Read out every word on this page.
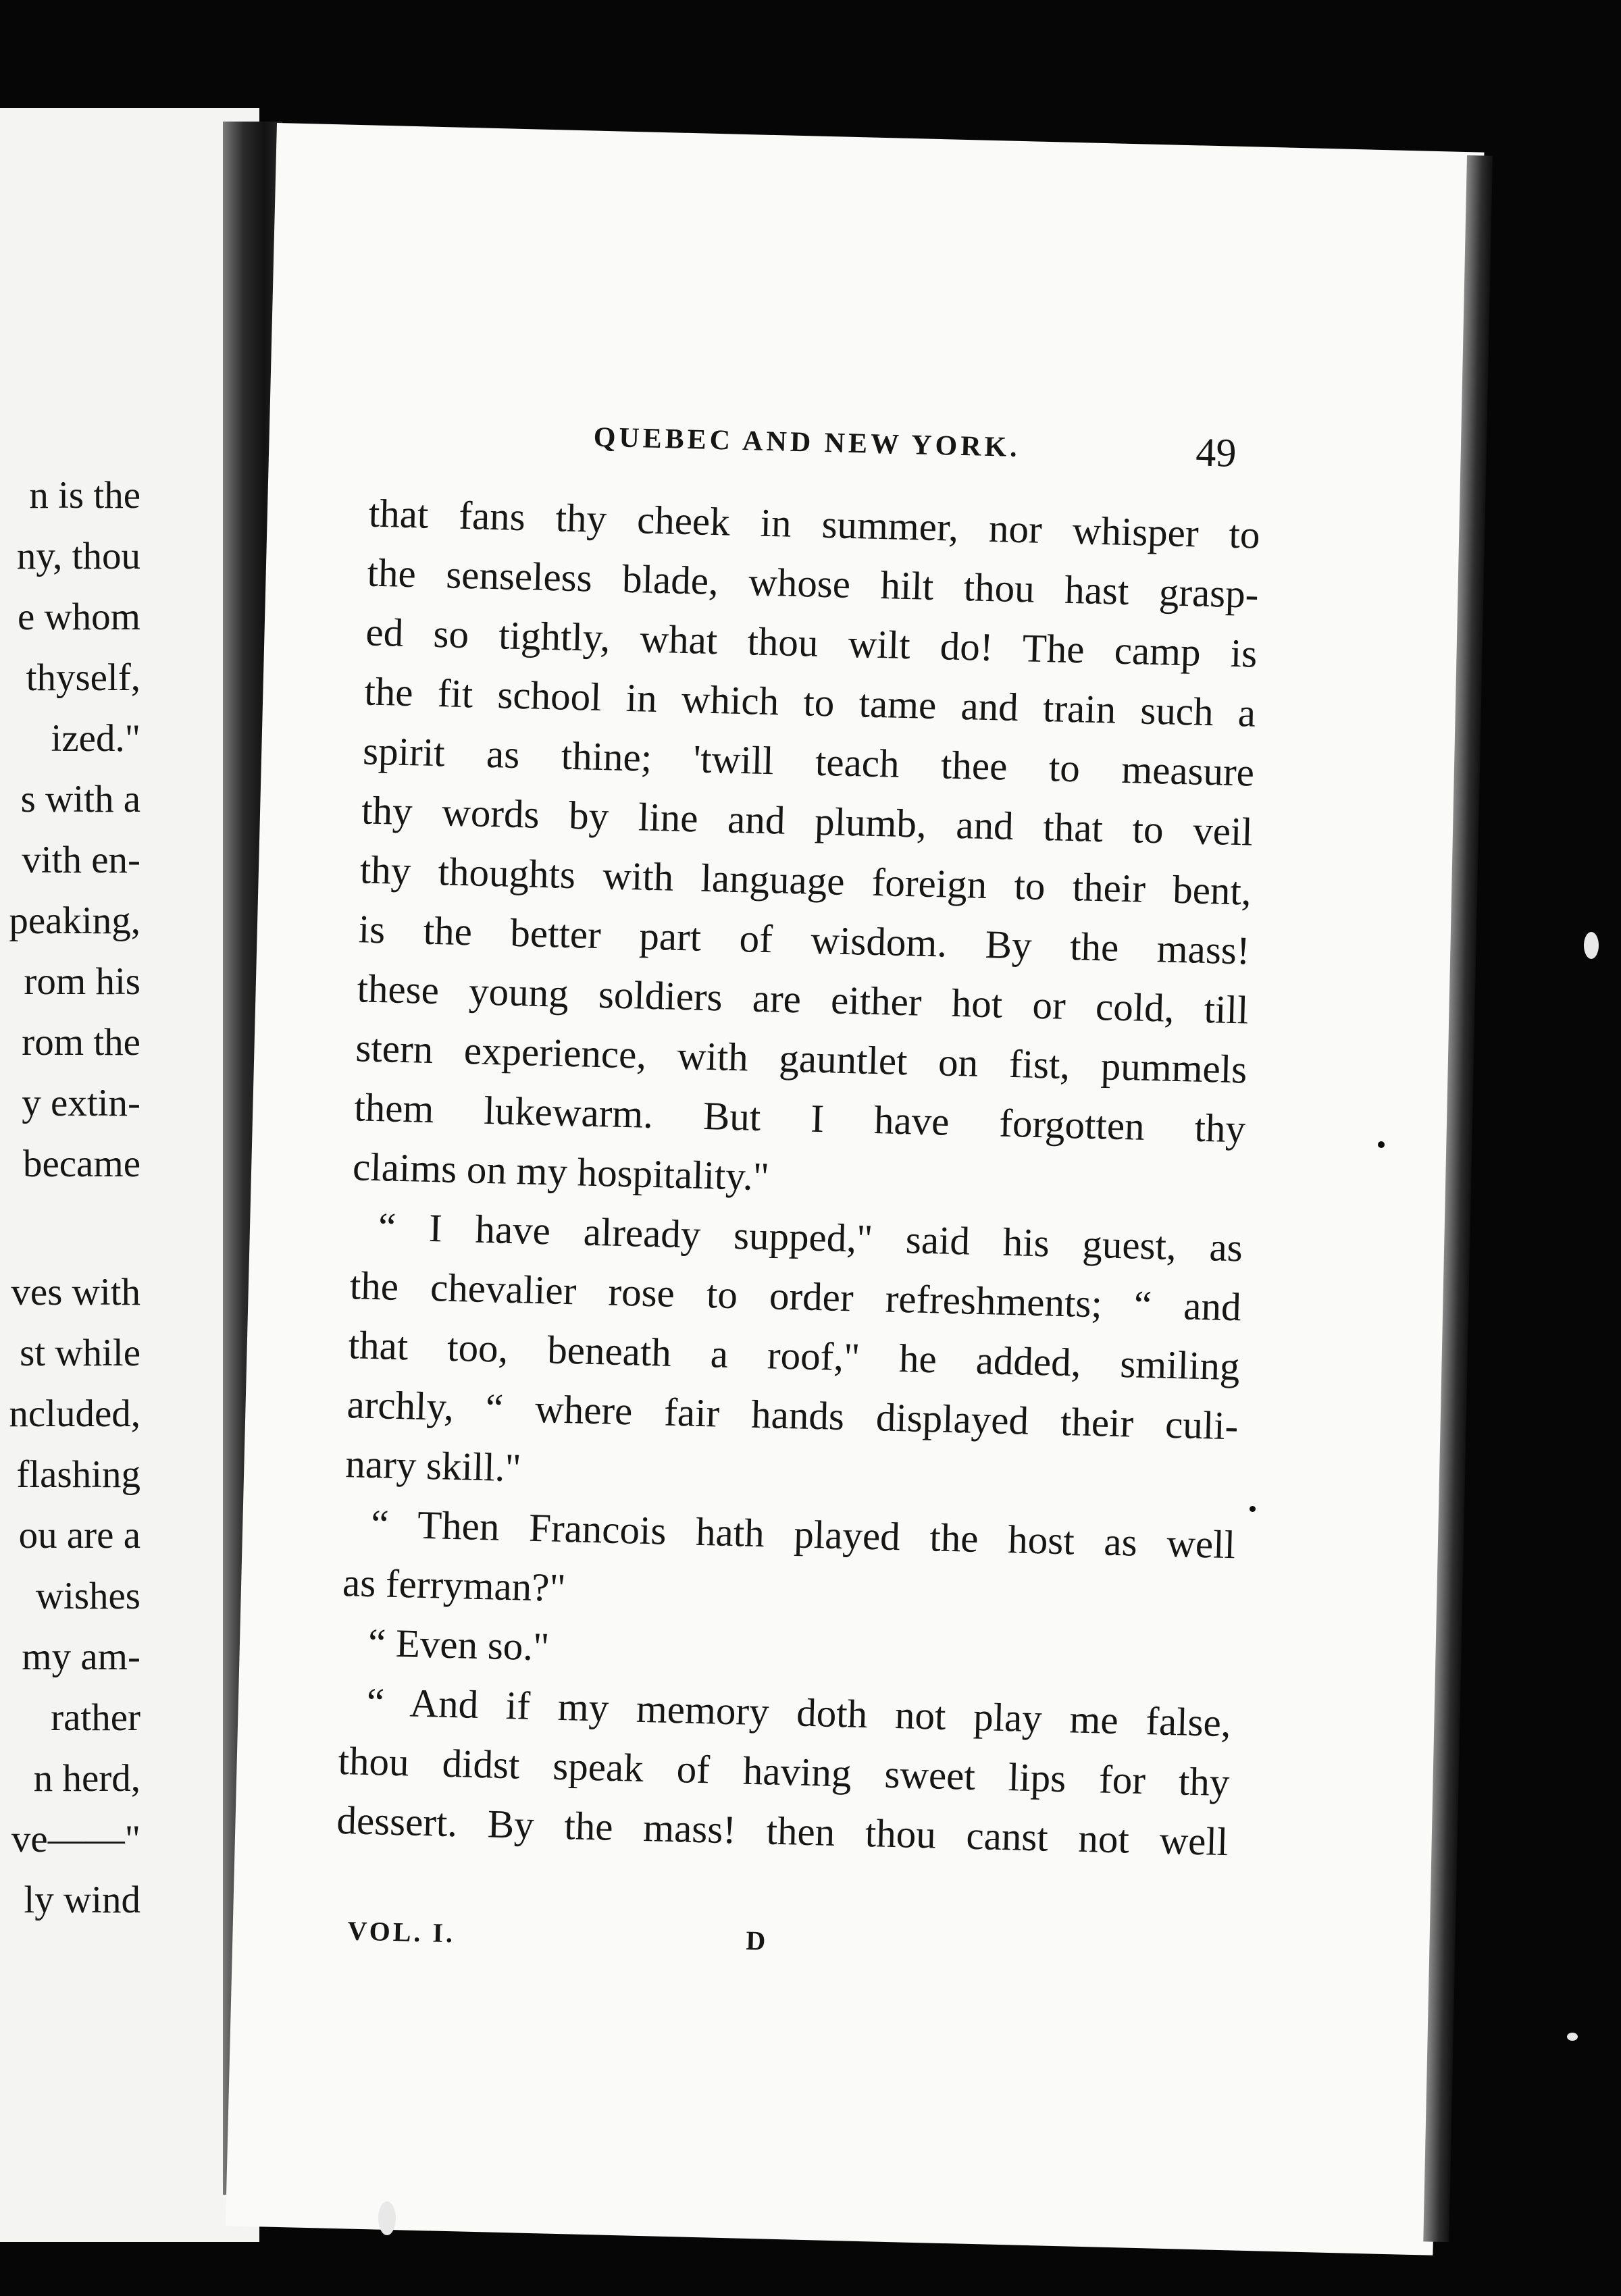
n is the
ny, thou
e whom
thyself,
ized."
s with a
vith en-
peaking,
rom his
rom the
y extin-
became
ves with
st while
ncluded,
flashing
ou are a
wishes
my am-
rather
n herd,
ve——"
ly wind
QUEBEC AND NEW YORK.	49
that fans thy cheek in summer, nor whisper to
the senseless blade, whose hilt thou hast grasp-
ed so tightly, what thou wilt do! The camp is
the fit school in which to tame and train such a
spirit as thine; 'twill teach thee to measure
thy words by line and plumb, and that to veil
thy thoughts with language foreign to their bent,
is the better part of wisdom. By the mass!
these young soldiers are either hot or cold, till
stern experience, with gauntlet on fist, pummels
them lukewarm. But I have forgotten thy
claims on my hospitality."
“ I have already supped," said his guest, as
the chevalier rose to order refreshments; “ and
that too, beneath a roof," he added, smiling
archly, “ where fair hands displayed their culi-
nary skill."
“ Then Francois hath played the host as well
as ferryman?"
“ Even so."
“ And if my memory doth not play me false,
thou didst speak of having sweet lips for thy
dessert. By the mass! then thou canst not well
VOL. I.	D
